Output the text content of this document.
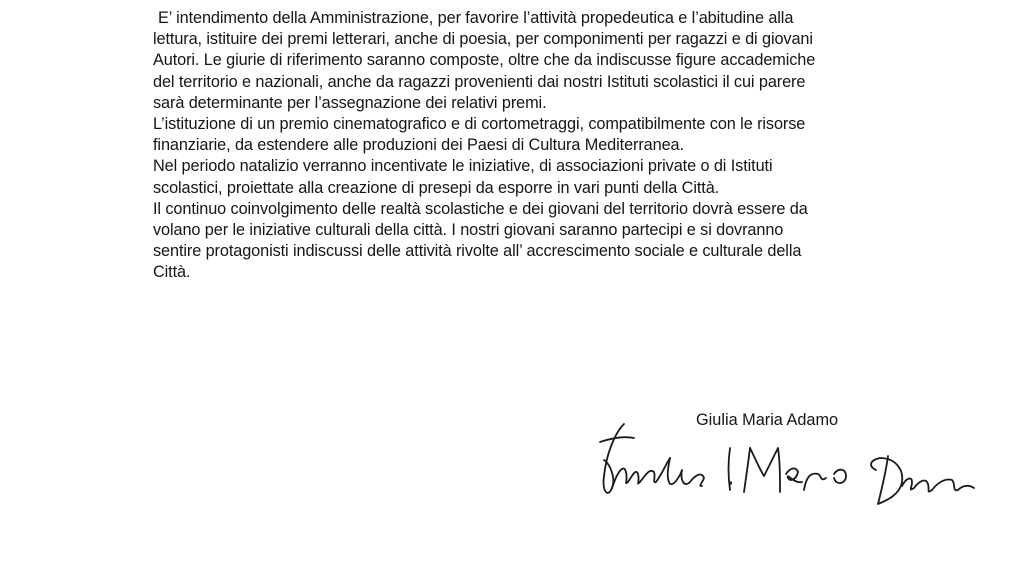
E’ intendimento della Amministrazione, per favorire l’attività propedeutica e l’abitudine alla
lettura, istituire dei premi letterari, anche di poesia, per componimenti per ragazzi e di giovani
Autori. Le giurie di riferimento saranno composte, oltre che da indiscusse figure accademiche
del territorio e nazionali, anche da ragazzi provenienti dai nostri Istituti scolastici il cui parere
sarà determinante per l’assegnazione dei relativi premi.
L’istituzione di un premio cinematografico e di cortometraggi, compatibilmente con le risorse
finanziarie, da estendere alle produzioni dei Paesi di Cultura Mediterranea.
Nel periodo natalizio verranno incentivate le iniziative, di associazioni private o di Istituti
scolastici, proiettate alla creazione di presepi da esporre in vari punti della Città.
Il continuo coinvolgimento delle realtà scolastiche e dei giovani del territorio dovrà essere da
volano per le iniziative culturali della città. I nostri giovani saranno partecipi e si dovranno
sentire protagonisti indiscussi delle attività rivolte all’ accrescimento sociale e culturale della
Città.
Giulia Maria Adamo
